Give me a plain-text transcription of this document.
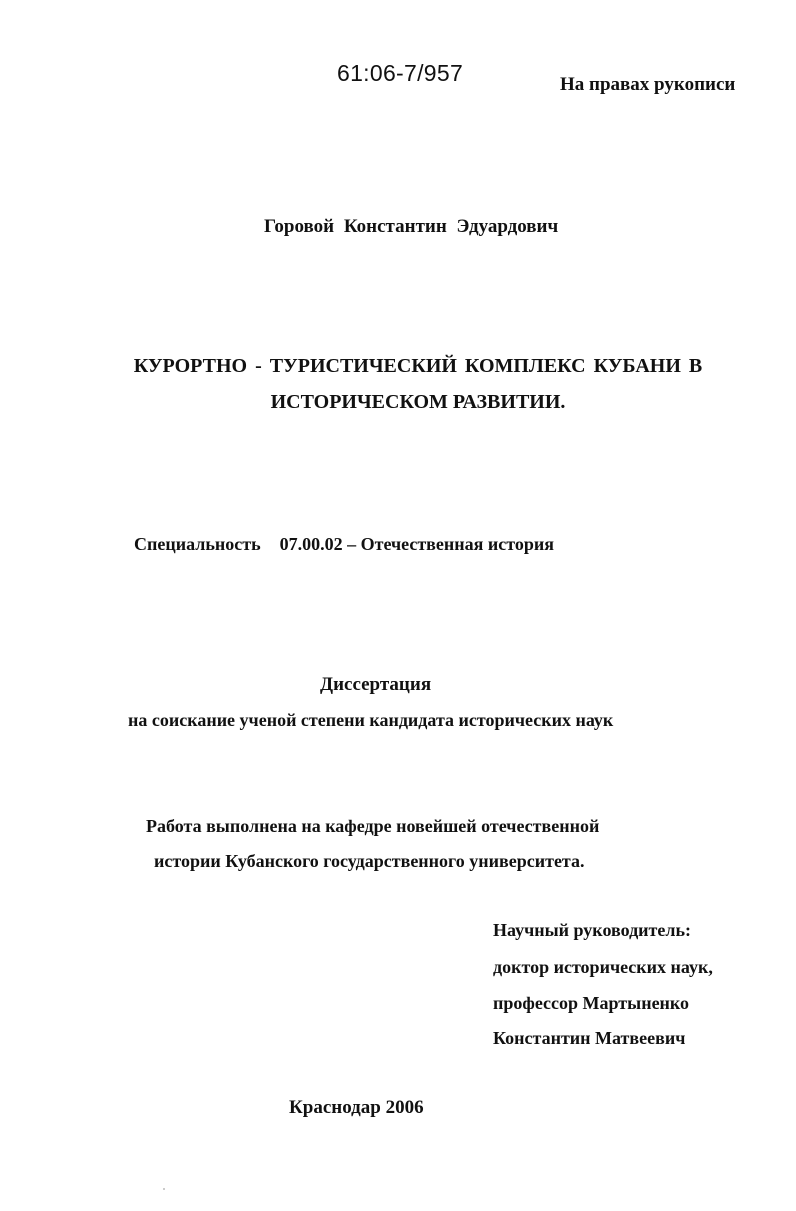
61:06-7/957	На правах рукописи
Горовой Константин Эдуардович
КУРОРТНО - ТУРИСТИЧЕСКИЙ КОМПЛЕКС КУБАНИ В
ИСТОРИЧЕСКОМ РАЗВИТИИ.
Специальность 07.00.02 – Отечественная история
Диссертация
на соискание ученой степени кандидата исторических наук
Работа выполнена на кафедре новейшей отечественной
истории Кубанского государственного университета.
Научный руководитель:
доктор исторических наук,
профессор Мартыненко
Константин Матвеевич
Краснодар 2006
